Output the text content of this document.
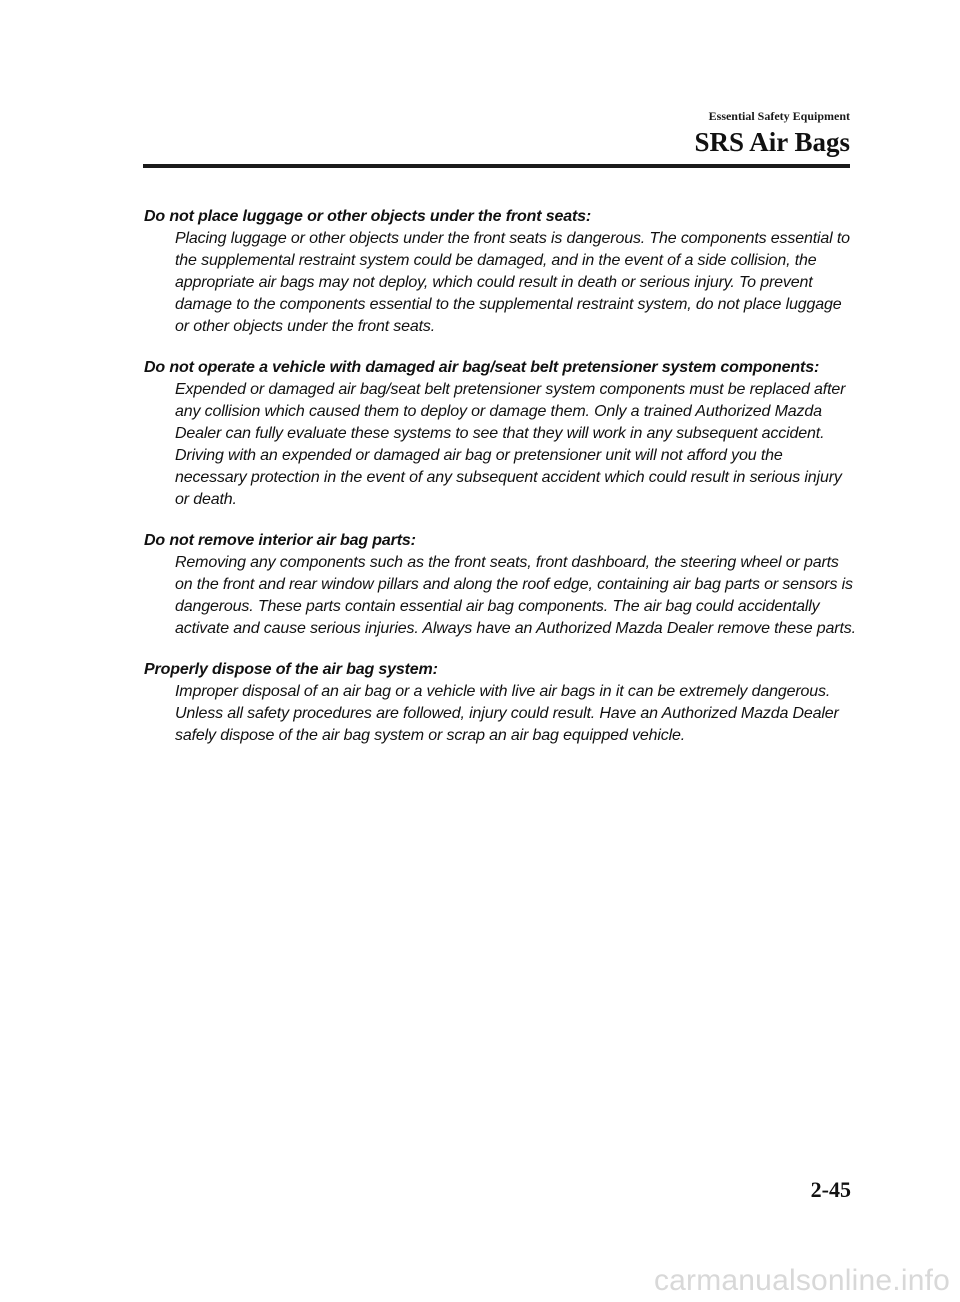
Essential Safety Equipment
SRS Air Bags
Do not place luggage or other objects under the front seats:
Placing luggage or other objects under the front seats is dangerous. The components essential to the supplemental restraint system could be damaged, and in the event of a side collision, the appropriate air bags may not deploy, which could result in death or serious injury. To prevent damage to the components essential to the supplemental restraint system, do not place luggage or other objects under the front seats.
Do not operate a vehicle with damaged air bag/seat belt pretensioner system components:
Expended or damaged air bag/seat belt pretensioner system components must be replaced after any collision which caused them to deploy or damage them. Only a trained Authorized Mazda Dealer can fully evaluate these systems to see that they will work in any subsequent accident. Driving with an expended or damaged air bag or pretensioner unit will not afford you the necessary protection in the event of any subsequent accident which could result in serious injury or death.
Do not remove interior air bag parts:
Removing any components such as the front seats, front dashboard, the steering wheel or parts on the front and rear window pillars and along the roof edge, containing air bag parts or sensors is dangerous. These parts contain essential air bag components. The air bag could accidentally activate and cause serious injuries. Always have an Authorized Mazda Dealer remove these parts.
Properly dispose of the air bag system:
Improper disposal of an air bag or a vehicle with live air bags in it can be extremely dangerous. Unless all safety procedures are followed, injury could result. Have an Authorized Mazda Dealer safely dispose of the air bag system or scrap an air bag equipped vehicle.
2-45
carmanualsonline.info
